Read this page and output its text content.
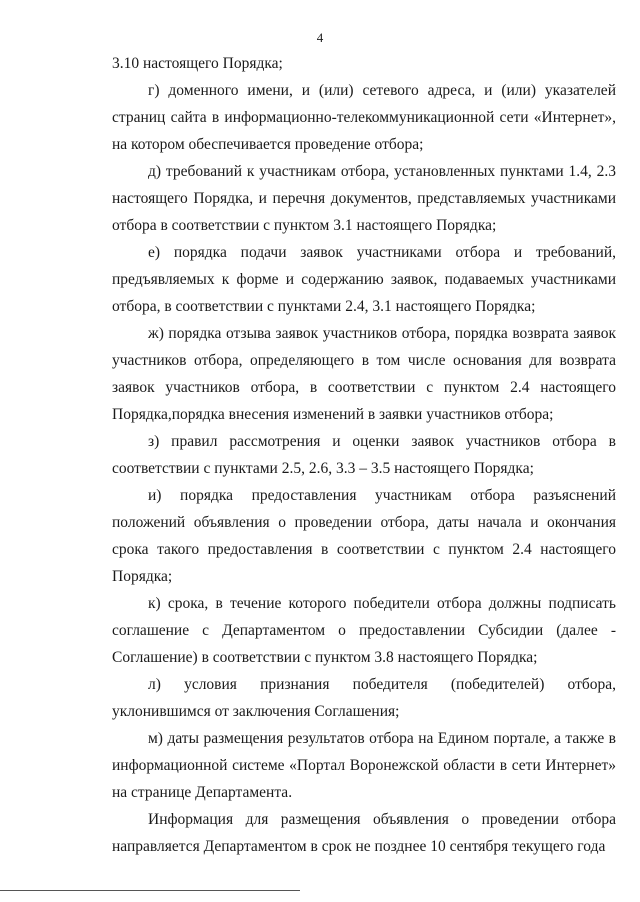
4

3.10 настоящего Порядка;

г) доменного имени, и (или) сетевого адреса, и (или) указателей страниц сайта в информационно-телекоммуникационной сети «Интернет», на котором обеспечивается проведение отбора;

д) требований к участникам отбора, установленных пунктами 1.4, 2.3 настоящего Порядка, и перечня документов, представляемых участниками отбора в соответствии с пунктом 3.1 настоящего Порядка;

е) порядка подачи заявок участниками отбора и требований, предъявляемых к форме и содержанию заявок, подаваемых участниками отбора, в соответствии с пунктами 2.4, 3.1 настоящего Порядка;

ж) порядка отзыва заявок участников отбора, порядка возврата заявок участников отбора, определяющего в том числе основания для возврата заявок участников отбора, в соответствии с пунктом 2.4 настоящего Порядка,порядка внесения изменений в заявки участников отбора;

з) правил рассмотрения и оценки заявок участников отбора в соответствии с пунктами 2.5, 2.6, 3.3 – 3.5 настоящего Порядка;

и) порядка предоставления участникам отбора разъяснений положений объявления о проведении отбора, даты начала и окончания срока такого предоставления в соответствии с пунктом 2.4 настоящего Порядка;

к) срока, в течение которого победители отбора должны подписать соглашение с Департаментом о предоставлении Субсидии (далее - Соглашение) в соответствии с пунктом 3.8 настоящего Порядка;

л) условия признания победителя (победителей) отбора, уклонившимся от заключения Соглашения;

м) даты размещения результатов отбора на Едином портале, а также в информационной системе «Портал Воронежской области в сети Интернет» на странице Департамента.

Информация для размещения объявления о проведении отбора направляется Департаментом в срок не позднее 10 сентября текущего года
